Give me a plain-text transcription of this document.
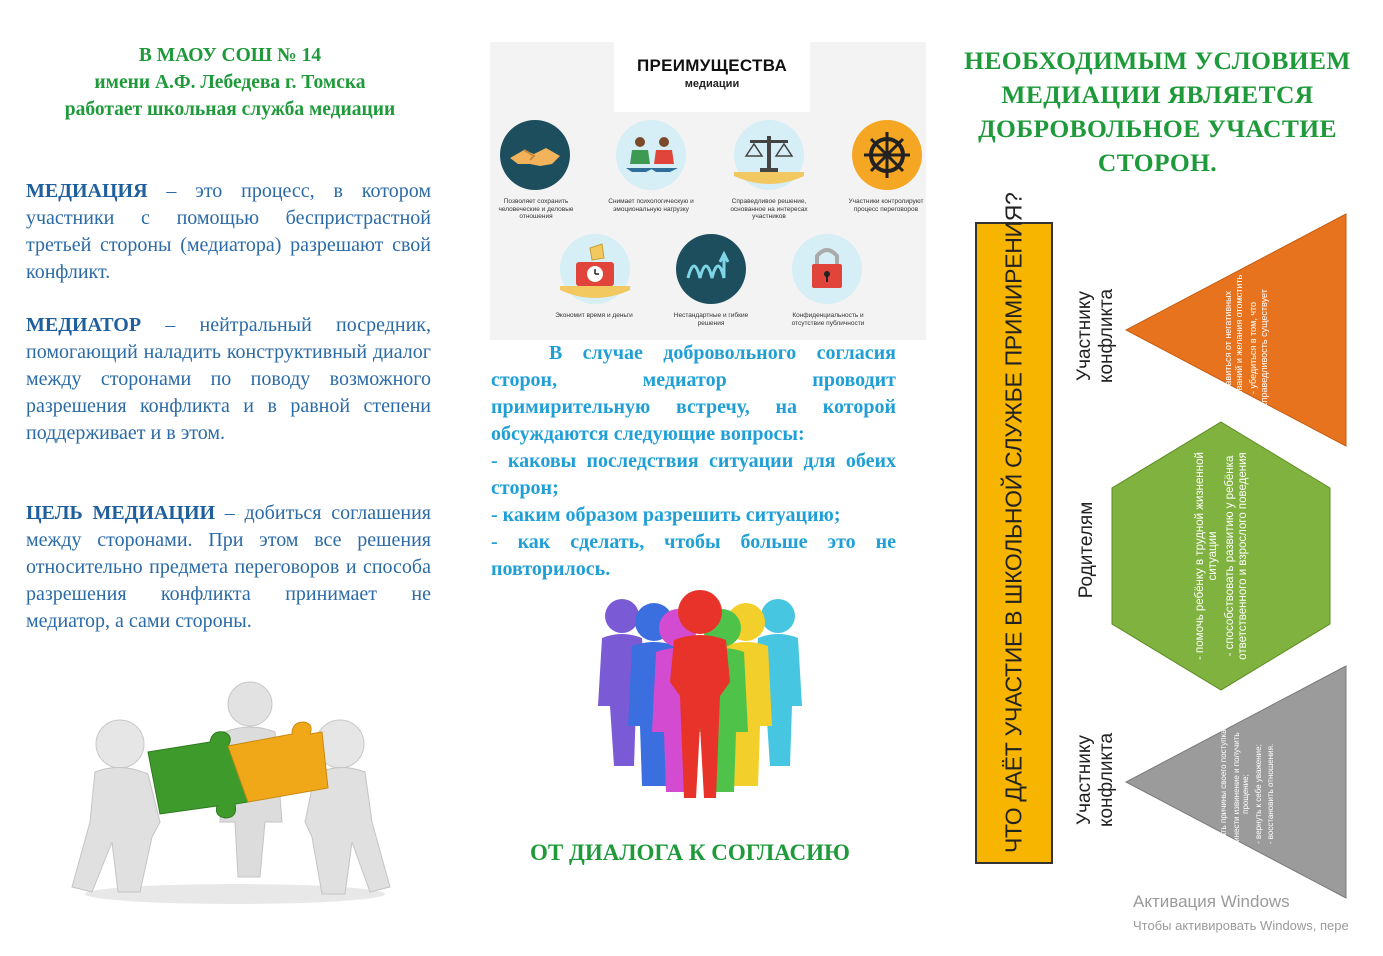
В МАОУ СОШ № 14
имени А.Ф. Лебедева г. Томска
работает школьная служба медиации
МЕДИАЦИЯ – это процесс, в котором участники с помощью беспристрастной третьей стороны (медиатора) разрешают свой конфликт.
МЕДИАТОР – нейтральный посредник, помогающий наладить конструктивный диалог между сторонами по поводу возможного разрешения конфликта и в равной степени поддерживает и в этом.
ЦЕЛЬ МЕДИАЦИИ – добиться соглашения между сторонами. При этом все решения относительно предмета переговоров и способа разрешения конфликта принимает не медиатор, а сами стороны.
ПРЕИМУЩЕСТВА
медиации
Позволяет сохранить человеческие и деловые отношения
Снимает психологическую и эмоциональную нагрузку
Справедливое решение, основанное на интересах участников
Участники контролируют процесс переговоров
Экономит время и деньги	Нестандартные и гибкие решения
Конфиденциальность и отсутствие публичности
В случае добровольного согласия сторон, медиатор проводит примирительную встречу, на которой обсуждаются следующие вопросы:
- каковы последствия ситуации для обеих сторон;
- каким образом разрешить ситуацию;
- как сделать, чтобы больше это не повторилось.
ОТ ДИАЛОГА К СОГЛАСИЮ
НЕОБХОДИМЫМ УСЛОВИЕМ
МЕДИАЦИИ ЯВЛЯЕТСЯ
ДОБРОВОЛЬНОЕ УЧАСТИЕ
СТОРОН.
ЧТО ДАЁТ УЧАСТИЕ В ШКОЛЬНОЙ СЛУЖБЕ ПРИМИРЕНИЯ?	Участнику конфликта	- избавиться от негативных переживаний и желания отомстить - убедиться в том, что справедливость существует
Родителям	- помочь ребёнку в трудной жизненной ситуации - способствовать развитию у ребёнка ответственного и взрослого поведения
Участнику конфликта	-осознать причины своего поступка; - принести извинение и получить прощение; - вернуть к себе уважение; - восстановить отношения.
Активация Windows
Чтобы активировать Windows, пере
